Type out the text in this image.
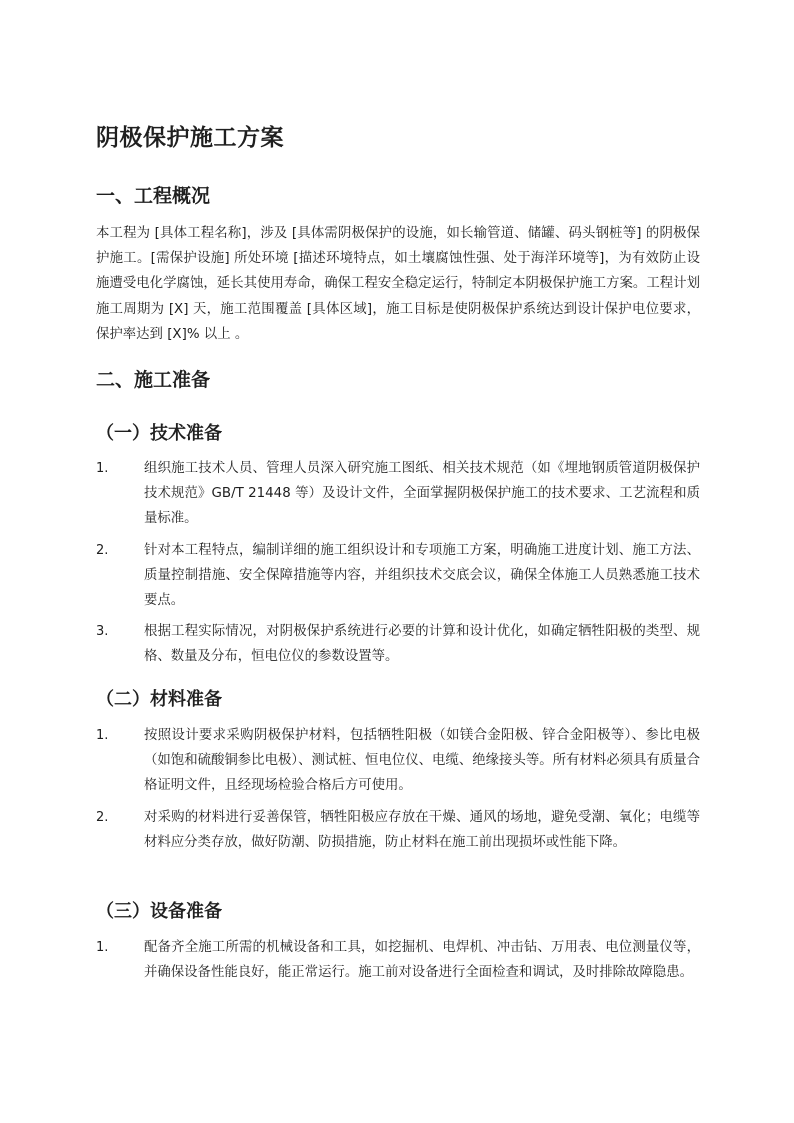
阴极保护施工方案
一、工程概况

本工程为 [具体工程名称]，涉及 [具体需阴极保护的设施，如长输管道、储罐、码头钢桩等] 的阴极保护施工。[需保护设施] 所处环境 [描述环境特点，如土壤腐蚀性强、处于海洋环境等]，为有效防止设施遭受电化学腐蚀，延长其使用寿命，确保工程安全稳定运行，特制定本阴极保护施工方案。工程计划施工周期为 [X] 天，施工范围覆盖 [具体区域]，施工目标是使阴极保护系统达到设计保护电位要求，保护率达到 [X]% 以上 。

二、施工准备
（一）技术准备
1.	组织施工技术人员、管理人员深入研究施工图纸、相关技术规范（如《埋地钢质管道阴极保护技术规范》GB/T 21448 等）及设计文件，全面掌握阴极保护施工的技术要求、工艺流程和质量标准。
2.	针对本工程特点，编制详细的施工组织设计和专项施工方案，明确施工进度计划、施工方法、质量控制措施、安全保障措施等内容，并组织技术交底会议，确保全体施工人员熟悉施工技术要点。
3.	根据工程实际情况，对阴极保护系统进行必要的计算和设计优化，如确定牺牲阳极的类型、规格、数量及分布，恒电位仪的参数设置等。
（二）材料准备
1.	按照设计要求采购阴极保护材料，包括牺牲阳极（如镁合金阳极、锌合金阳极等）、参比电极（如饱和硫酸铜参比电极）、测试桩、恒电位仪、电缆、绝缘接头等。所有材料必须具有质量合格证明文件，且经现场检验合格后方可使用。
2.	对采购的材料进行妥善保管，牺牲阳极应存放在干燥、通风的场地，避免受潮、氧化；电缆等材料应分类存放，做好防潮、防损措施，防止材料在施工前出现损坏或性能下降。
（三）设备准备
1.	配备齐全施工所需的机械设备和工具，如挖掘机、电焊机、冲击钻、万用表、电位测量仪等，并确保设备性能良好，能正常运行。施工前对设备进行全面检查和调试，及时排除故障隐患。
